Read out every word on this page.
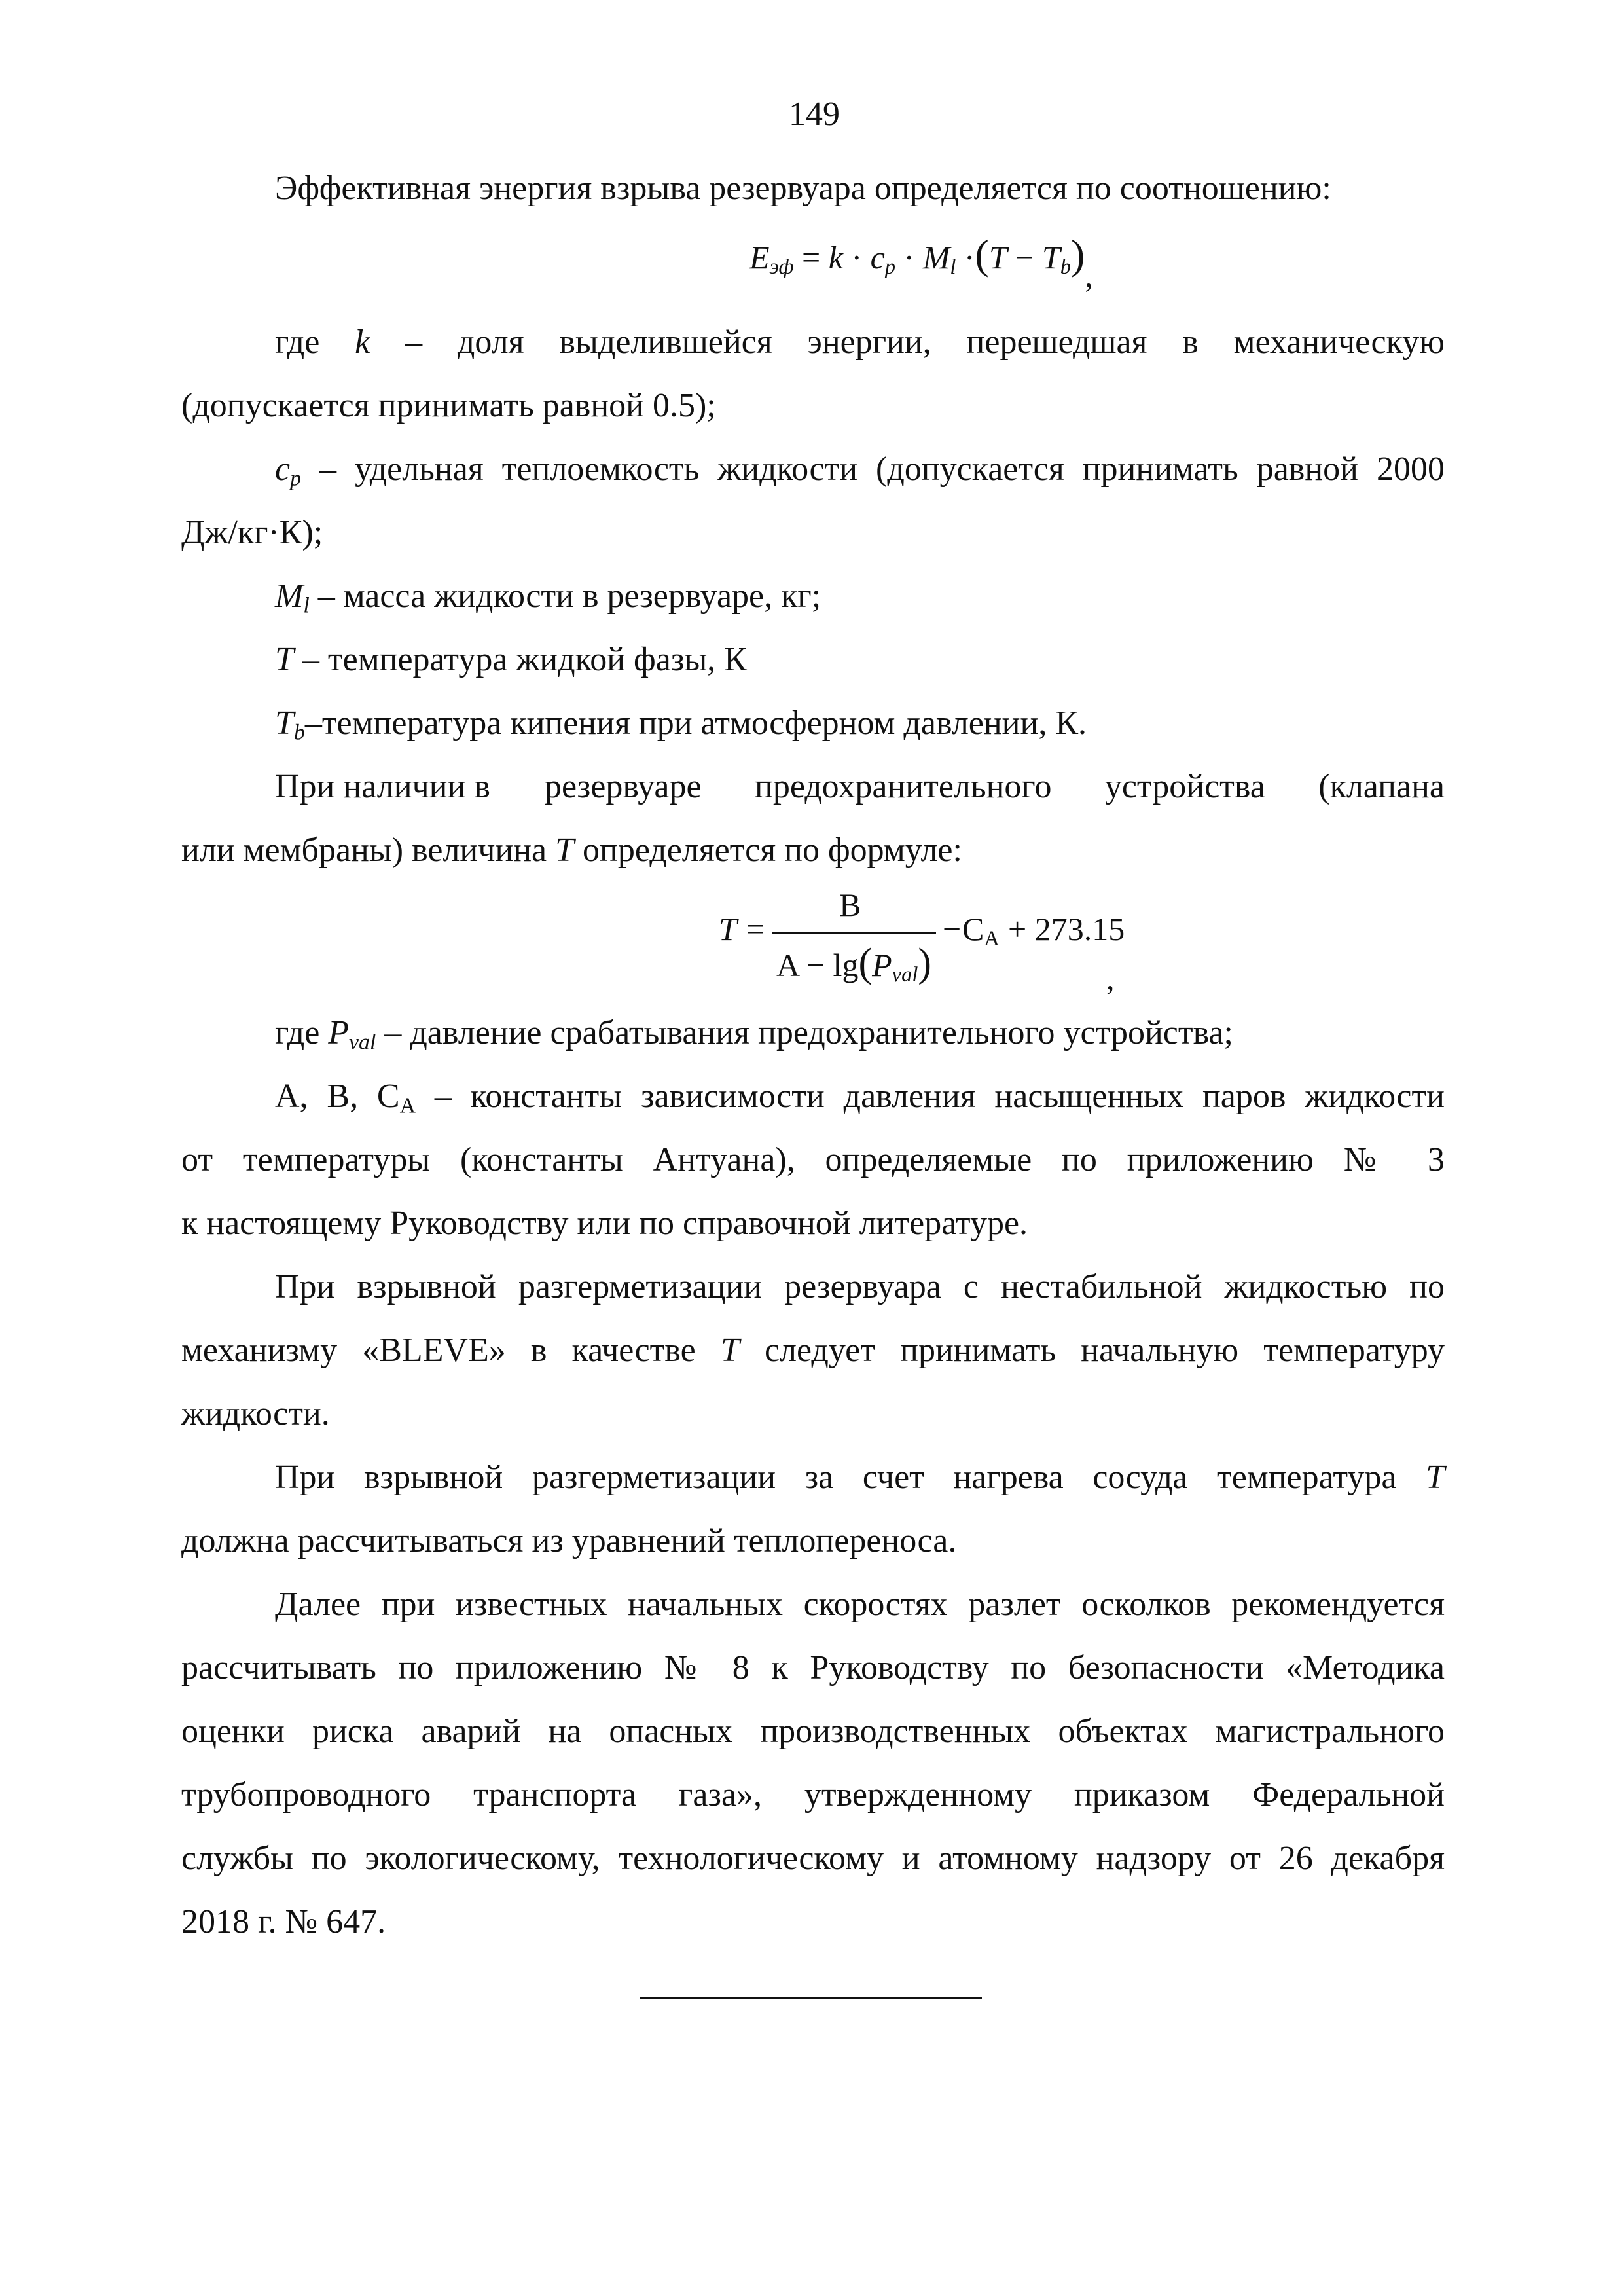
149
Эффективная энергия взрыва резервуара определяется по соотношению:
$E_{эф} = k \cdot c_p \cdot M_l \cdot(T - T_b)$,
где k – доля выделившейся энергии, перешедшая в механическую
(допускается принимать равной 0.5);
$c_p$ – удельная теплоемкость жидкости (допускается принимать равной 2000
Дж/кг·К);
$M_l$ – масса жидкости в резервуаре, кг;
T – температура жидкой фазы, К
$T_b$–температура кипения при атмосферном давлении, К.
При наличии в резервуаре предохранительного устройства (клапана
или мембраны) величина T определяется по формуле:
T =
B
$A - \lg(P_{val})$
− $C_A + 273.15$
,
где $P_{val}$ – давление срабатывания предохранительного устройства;
A, B, $C_A$ – константы зависимости давления насыщенных паров жидкости
от температуры (константы Антуана), определяемые по приложению № 3
к настоящему Руководству или по справочной литературе.
При взрывной разгерметизации резервуара с нестабильной жидкостью по
механизму «BLEVE» в качестве T следует принимать начальную температуру
жидкости.
При взрывной разгерметизации за счет нагрева сосуда температура T
должна рассчитываться из уравнений теплопереноса.
Далее при известных начальных скоростях разлет осколков рекомендуется
рассчитывать по приложению № 8 к Руководству по безопасности «Методика
оценки риска аварий на опасных производственных объектах магистрального
трубопроводного транспорта газа», утвержденному приказом Федеральной
службы по экологическому, технологическому и атомному надзору от 26 декабря
2018 г. № 647.
